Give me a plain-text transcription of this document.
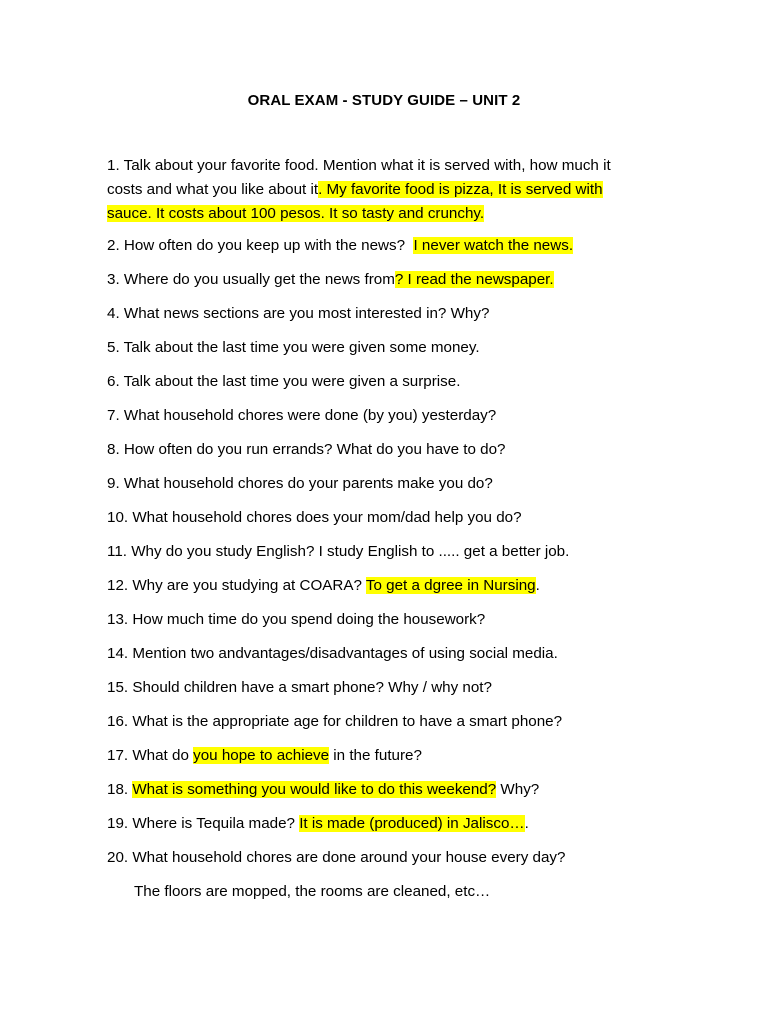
ORAL EXAM - STUDY GUIDE – UNIT 2
1. Talk about your favorite food. Mention what it is served with, how much it
costs and what you like about it. My favorite food is pizza, It is served with
sauce. It costs about 100 pesos. It so tasty and crunchy.
2. How often do you keep up with the news?  I never watch the news.
3. Where do you usually get the news from? I read the newspaper.
4. What news sections are you most interested in? Why?
5. Talk about the last time you were given some money.
6. Talk about the last time you were given a surprise.
7. What household chores were done (by you) yesterday?
8. How often do you run errands? What do you have to do?
9. What household chores do your parents make you do?
10. What household chores does your mom/dad help you do?
11. Why do you study English? I study English to ..... get a better job.
12. Why are you studying at COARA? To get a dgree in Nursing.
13. How much time do you spend doing the housework?
14. Mention two andvantages/disadvantages of using social media.
15. Should children have a smart phone? Why / why not?
16. What is the appropriate age for children to have a smart phone?
17. What do you hope to achieve in the future?
18. What is something you would like to do this weekend? Why?
19. Where is Tequila made? It is made (produced) in Jalisco….
20. What household chores are done around your house every day?
The floors are mopped, the rooms are cleaned, etc…
